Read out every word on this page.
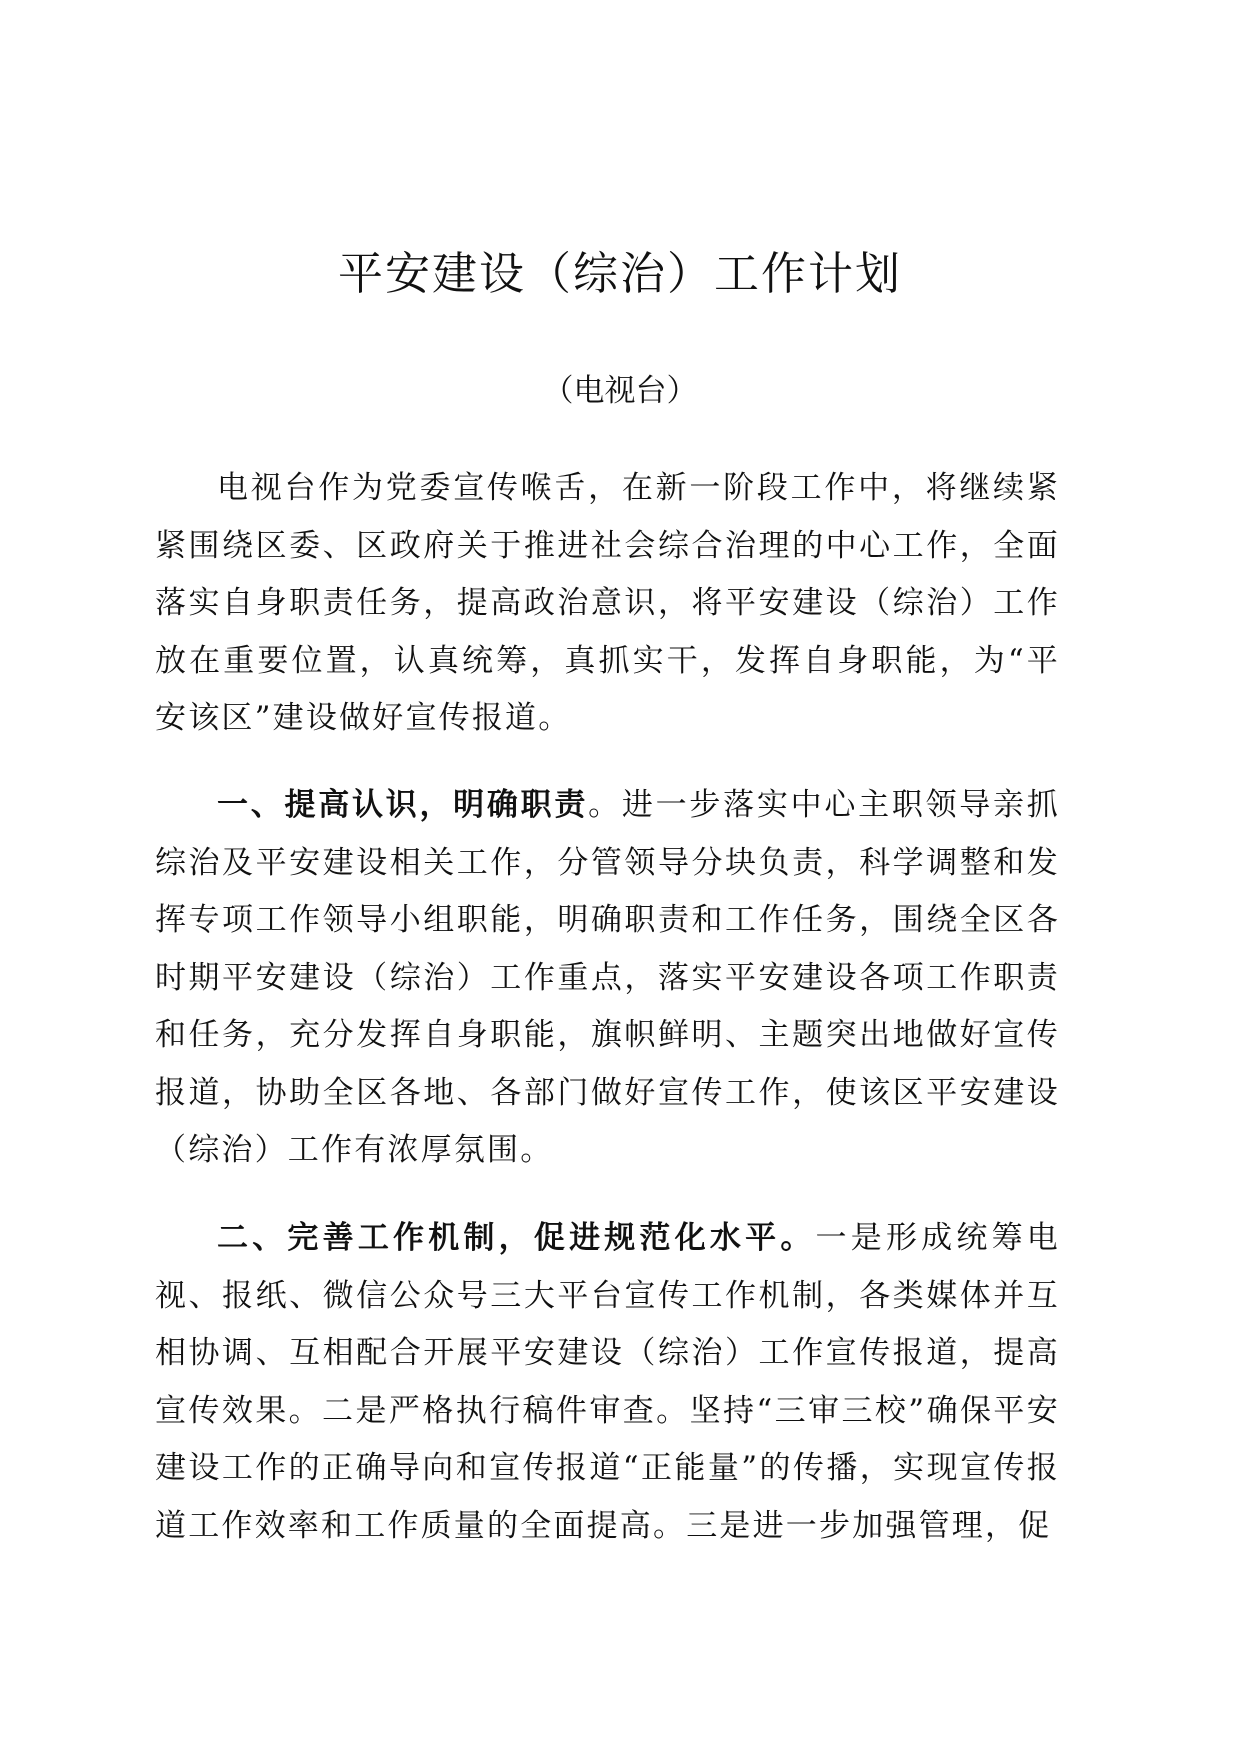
平安建设（综治）工作计划

（电视台）

电视台作为党委宣传喉舌，在新一阶段工作中，将继续紧紧围绕区委、区政府关于推进社会综合治理的中心工作，全面落实自身职责任务，提高政治意识，将平安建设（综治）工作放在重要位置，认真统筹，真抓实干，发挥自身职能，为“平安该区”建设做好宣传报道。

一、提高认识，明确职责。进一步落实中心主职领导亲抓综治及平安建设相关工作，分管领导分块负责，科学调整和发挥专项工作领导小组职能，明确职责和工作任务，围绕全区各时期平安建设（综治）工作重点，落实平安建设各项工作职责和任务，充分发挥自身职能，旗帜鲜明、主题突出地做好宣传报道，协助全区各地、各部门做好宣传工作，使该区平安建设（综治）工作有浓厚氛围。

二、完善工作机制，促进规范化水平。一是形成统筹电视、报纸、微信公众号三大平台宣传工作机制，各类媒体并互相协调、互相配合开展平安建设（综治）工作宣传报道，提高宣传效果。二是严格执行稿件审查。坚持“三审三校”确保平安建设工作的正确导向和宣传报道“正能量”的传播，实现宣传报道工作效率和工作质量的全面提高。三是进一步加强管理，促
